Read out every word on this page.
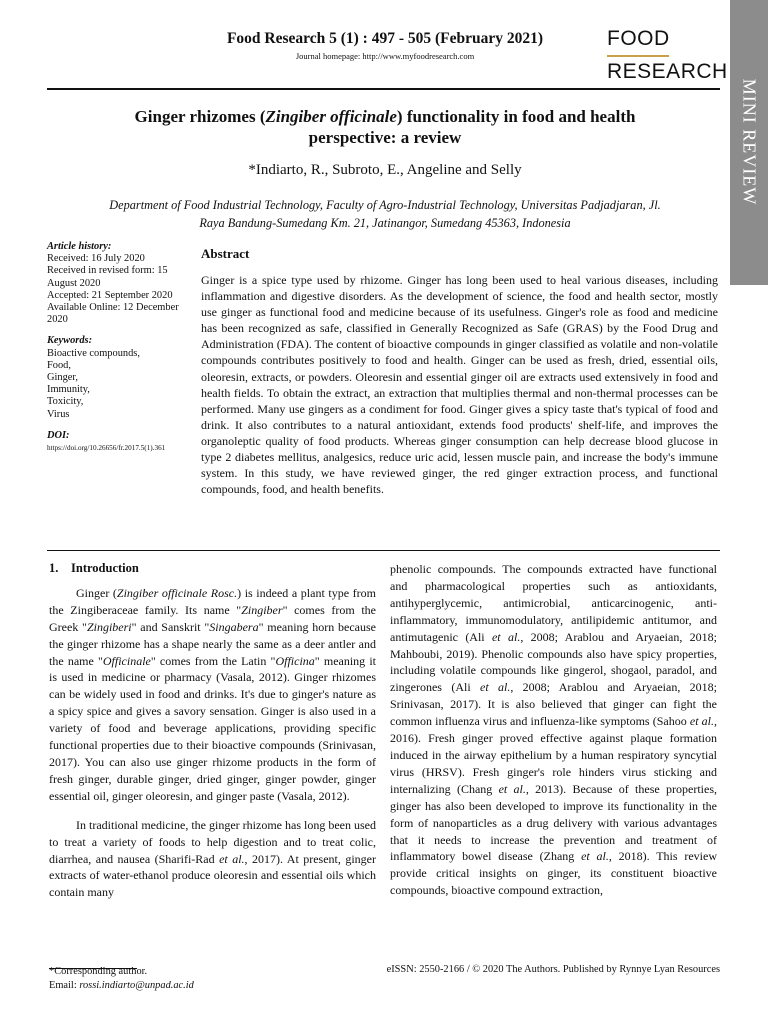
MINI REVIEW
Food Research 5 (1) : 497 - 505 (February 2021)
Journal homepage: http://www.myfoodresearch.com
FOOD
RESEARCH
Ginger rhizomes (Zingiber officinale) functionality in food and health perspective: a review
*Indiarto, R., Subroto, E., Angeline and Selly
Department of Food Industrial Technology, Faculty of Agro-Industrial Technology, Universitas Padjadjaran, Jl. Raya Bandung-Sumedang Km. 21, Jatinangor, Sumedang 45363, Indonesia
Article history:
Received: 16 July 2020
Received in revised form: 15 August 2020
Accepted: 21 September 2020
Available Online: 12 December 2020
Keywords:
Bioactive compounds,
Food,
Ginger,
Immunity,
Toxicity,
Virus
DOI:
https://doi.org/10.26656/fr.2017.5(1).361
Abstract
Ginger is a spice type used by rhizome. Ginger has long been used to heal various diseases, including inflammation and digestive disorders. As the development of science, the food and health sector, mostly use ginger as functional food and medicine because of its usefulness. Ginger's role as food and medicine has been recognized as safe, classified in Generally Recognized as Safe (GRAS) by the Food Drug and Administration (FDA). The content of bioactive compounds in ginger classified as volatile and non-volatile compounds contributes positively to food and health. Ginger can be used as fresh, dried, essential oils, oleoresin, extracts, or powders. Oleoresin and essential ginger oil are extracts used extensively in food and health fields. To obtain the extract, an extraction that multiplies thermal and non-thermal processes can be performed. Many use gingers as a condiment for food. Ginger gives a spicy taste that's typical of food and drink. It also contributes to a natural antioxidant, extends food products' shelf-life, and improves the organoleptic quality of food products. Whereas ginger consumption can help decrease blood glucose in type 2 diabetes mellitus, analgesics, reduce uric acid, lessen muscle pain, and increase the body's immune system. In this study, we have reviewed ginger, the red ginger extraction process, and functional compounds, food, and health benefits.
1. Introduction

Ginger (Zingiber officinale Rosc.) is indeed a plant type from the Zingiberaceae family. Its name "Zingiber" comes from the Greek "Zingiberi" and Sanskrit "Singabera" meaning horn because the ginger rhizome has a shape nearly the same as a deer antler and the name "Officinale" comes from the Latin "Officina" meaning it is used in medicine or pharmacy (Vasala, 2012). Ginger rhizomes can be widely used in food and drinks. It's due to ginger's nature as a spicy spice and gives a savory sensation. Ginger is also used in a variety of food and beverage applications, providing specific functional properties due to their bioactive compounds (Srinivasan, 2017). You can also use ginger rhizome products in the form of fresh ginger, durable ginger, dried ginger, ginger powder, ginger essential oil, ginger oleoresin, and ginger paste (Vasala, 2012).

In traditional medicine, the ginger rhizome has long been used to treat a variety of foods to help digestion and to treat colic, diarrhea, and nausea (Sharifi-Rad et al., 2017). At present, ginger extracts of water-ethanol produce oleoresin and essential oils which contain many

phenolic compounds. The compounds extracted have functional and pharmacological properties such as antioxidants, antihyperglycemic, antimicrobial, anticarcinogenic, anti-inflammatory, immunomodulatory, antilipidemic antitumor, and antimutagenic (Ali et al., 2008; Arablou and Aryaeian, 2018; Mahboubi, 2019). Phenolic compounds also have spicy properties, including volatile compounds like gingerol, shogaol, paradol, and zingerones (Ali et al., 2008; Arablou and Aryaeian, 2018; Srinivasan, 2017). It is also believed that ginger can fight the common influenza virus and influenza-like symptoms (Sahoo et al., 2016). Fresh ginger proved effective against plaque formation induced in the airway epithelium by a human respiratory syncytial virus (HRSV). Fresh ginger's role hinders virus sticking and internalizing (Chang et al., 2013). Because of these properties, ginger has also been developed to improve its functionality in the form of nanoparticles as a drug delivery with various advantages that it needs to increase the prevention and treatment of inflammatory bowel disease (Zhang et al., 2018). This review provide critical insights on ginger, its constituent bioactive compounds, bioactive compound extraction,

*Corresponding author.
Email: rossi.indiarto@unpad.ac.id
eISSN: 2550-2166 / © 2020 The Authors. Published by Rynnye Lyan Resources
